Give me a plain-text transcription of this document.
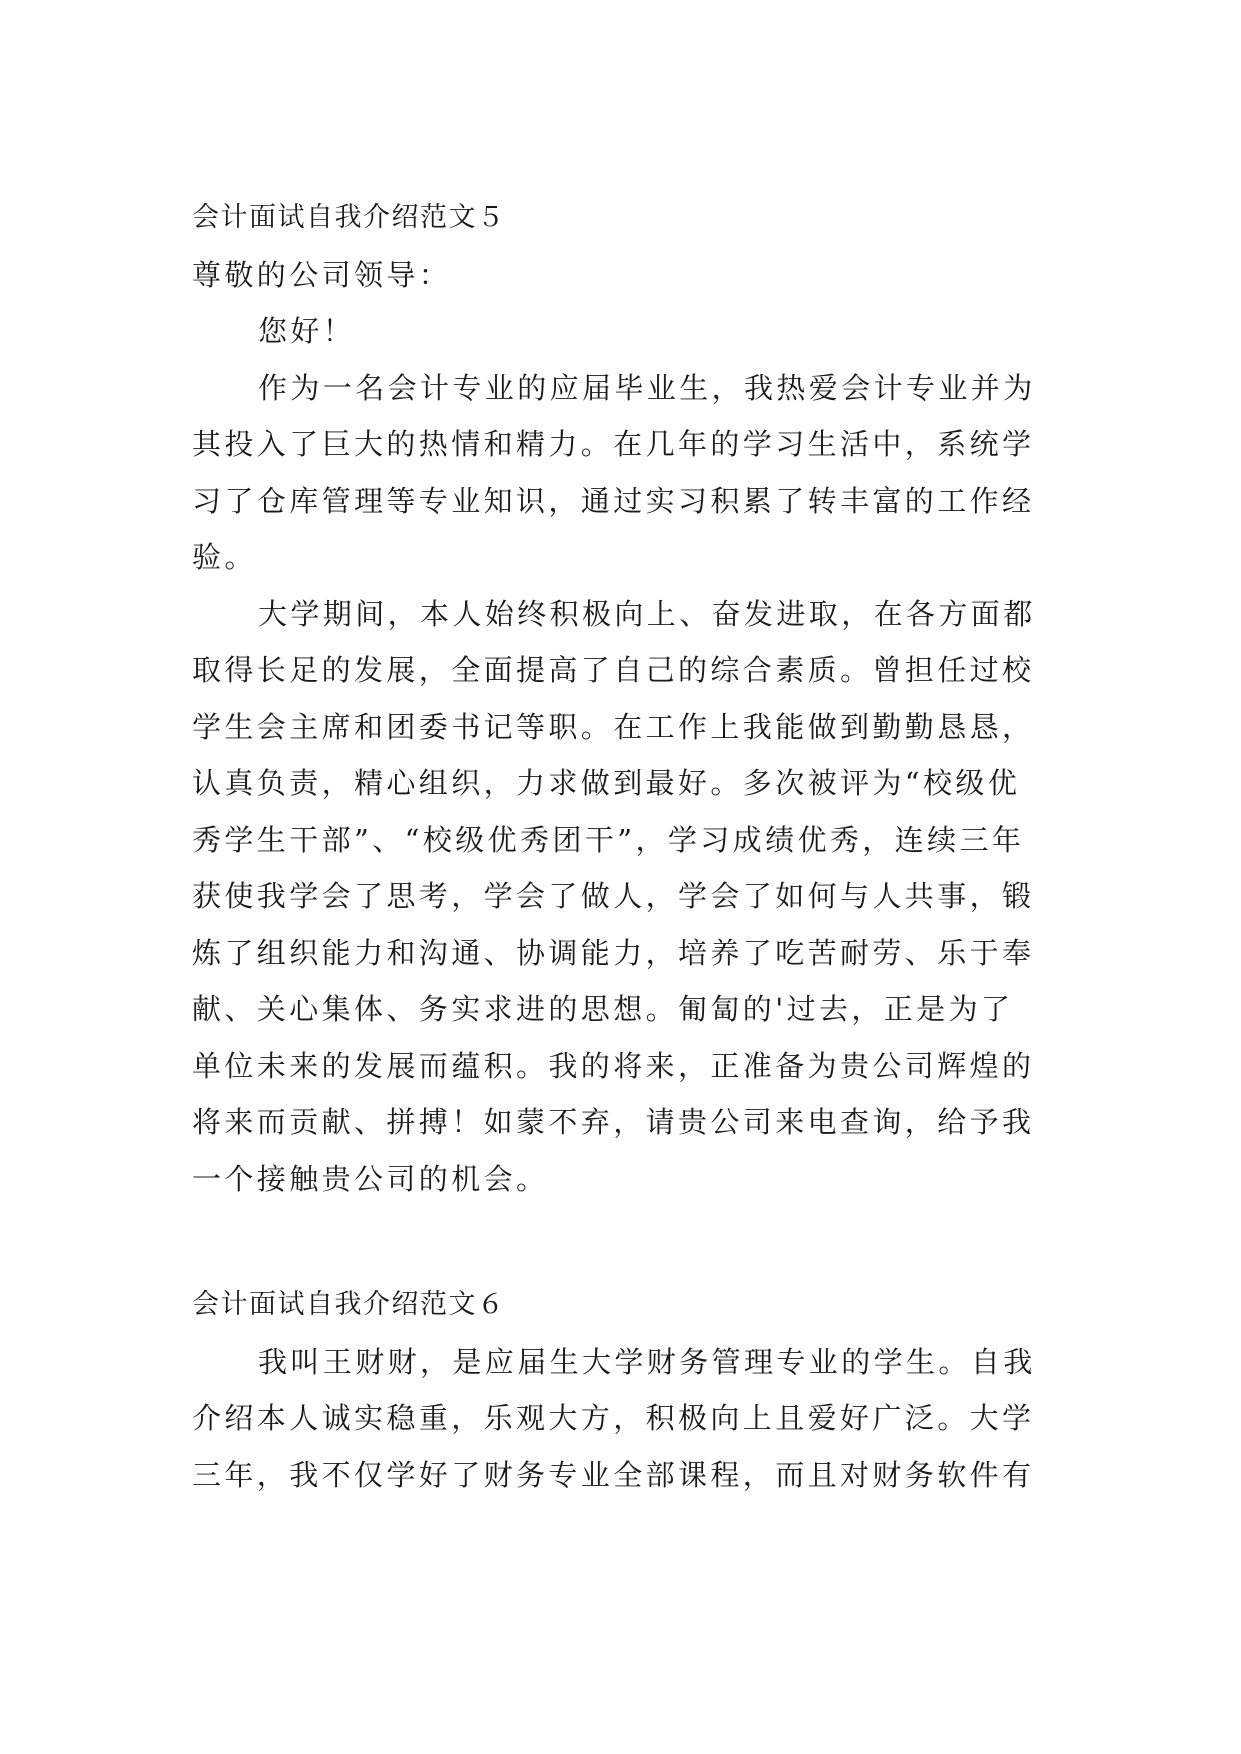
会计面试自我介绍范文５
尊敬的公司领导：
您好！
作为一名会计专业的应届毕业生，我热爱会计专业并为
其投入了巨大的热情和精力。在几年的学习生活中，系统学
习了仓库管理等专业知识，通过实习积累了转丰富的工作经
验。
大学期间，本人始终积极向上、奋发进取，在各方面都
取得长足的发展，全面提高了自己的综合素质。曾担任过校
学生会主席和团委书记等职。在工作上我能做到勤勤恳恳，
认真负责，精心组织，力求做到最好。多次被评为“校级优
秀学生干部”、“校级优秀团干”，学习成绩优秀，连续三年
获使我学会了思考，学会了做人，学会了如何与人共事，锻
炼了组织能力和沟通、协调能力，培养了吃苦耐劳、乐于奉
献、关心集体、务实求进的思想。匍匐的'过去，正是为了
单位未来的发展而蕴积。我的将来，正准备为贵公司辉煌的
将来而贡献、拼搏！如蒙不弃，请贵公司来电查询，给予我
一个接触贵公司的机会。
会计面试自我介绍范文６
我叫王财财，是应届生大学财务管理专业的学生。自我
介绍本人诚实稳重，乐观大方，积极向上且爱好广泛。大学
三年，我不仅学好了财务专业全部课程，而且对财务软件有
